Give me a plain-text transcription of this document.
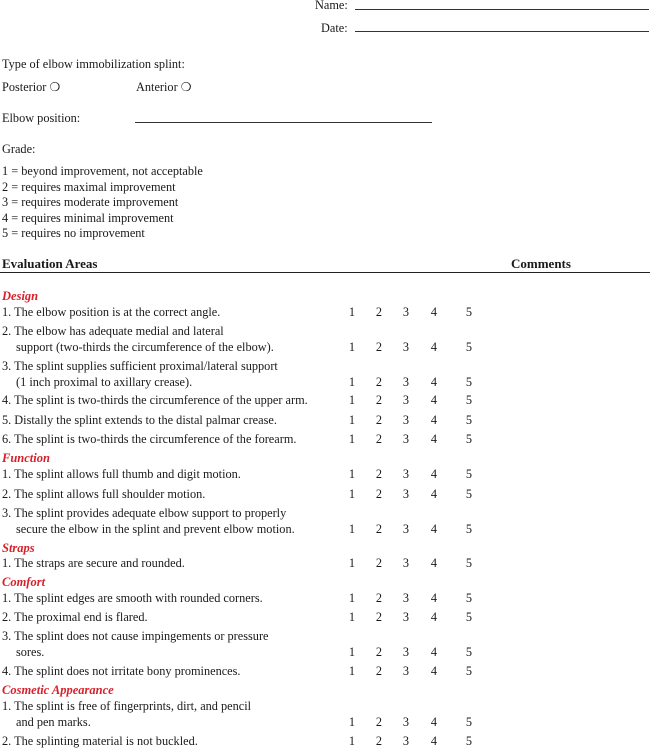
Name:
Date:
Type of elbow immobilization splint:
Posterior ❍	Anterior ❍
Elbow position:
Grade:
1 = beyond improvement, not acceptable
2 = requires maximal improvement
3 = requires moderate improvement
4 = requires minimal improvement
5 = requires no improvement
Evaluation Areas	Comments
Design
1. The elbow position is at the correct angle.	1 2 3 4 5
2. The elbow has adequate medial and lateral
support (two-thirds the circumference of the elbow).	1 2 3 4 5
3. The splint supplies sufficient proximal/lateral support
(1 inch proximal to axillary crease).	1 2 3 4 5
4. The splint is two-thirds the circumference of the upper arm.	1 2 3 4 5
5. Distally the splint extends to the distal palmar crease.	1 2 3 4 5
6. The splint is two-thirds the circumference of the forearm.	1 2 3 4 5
Function
1. The splint allows full thumb and digit motion.	1 2 3 4 5
2. The splint allows full shoulder motion.	1 2 3 4 5
3. The splint provides adequate elbow support to properly
secure the elbow in the splint and prevent elbow motion.	1 2 3 4 5
Straps
1. The straps are secure and rounded.	1 2 3 4 5
Comfort
1. The splint edges are smooth with rounded corners.	1 2 3 4 5
2. The proximal end is flared.	1 2 3 4 5
3. The splint does not cause impingements or pressure
sores.	1 2 3 4 5
4. The splint does not irritate bony prominences.	1 2 3 4 5
Cosmetic Appearance
1. The splint is free of fingerprints, dirt, and pencil
and pen marks.	1 2 3 4 5
2. The splinting material is not buckled.	1 2 3 4 5
